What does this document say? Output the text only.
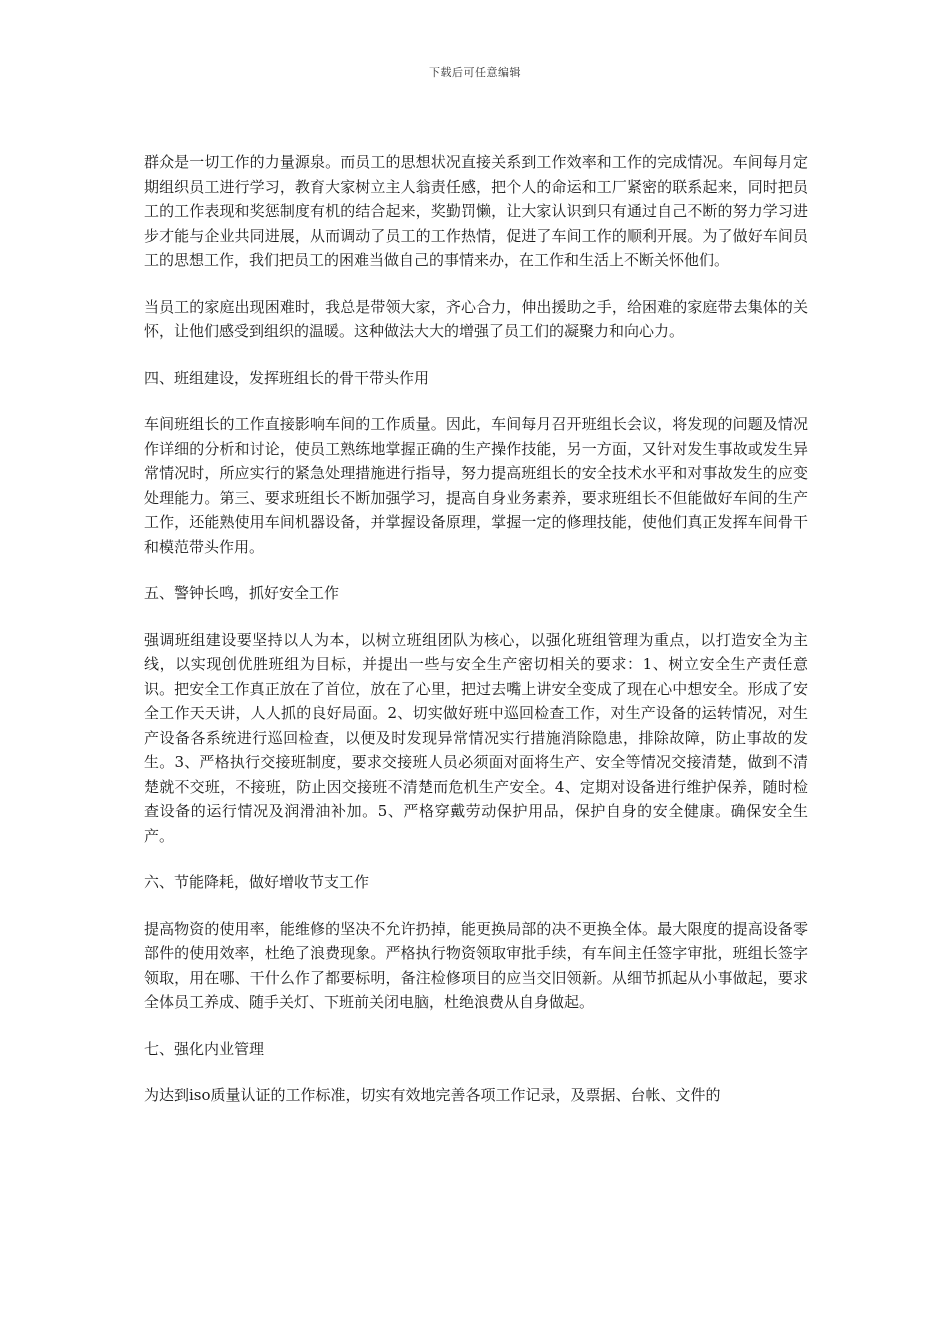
下载后可任意编辑

群众是一切工作的力量源泉。而员工的思想状况直接关系到工作效率和工作的完成情况。车间每月定期组织员工进行学习，教育大家树立主人翁责任感，把个人的命运和工厂紧密的联系起来，同时把员工的工作表现和奖惩制度有机的结合起来，奖勤罚懒，让大家认识到只有通过自己不断的努力学习进步才能与企业共同进展，从而调动了员工的工作热情，促进了车间工作的顺利开展。为了做好车间员工的思想工作，我们把员工的困难当做自己的事情来办，在工作和生活上不断关怀他们。

当员工的家庭出现困难时，我总是带领大家，齐心合力，伸出援助之手，给困难的家庭带去集体的关怀，让他们感受到组织的温暖。这种做法大大的增强了员工们的凝聚力和向心力。

四、班组建设，发挥班组长的骨干带头作用

车间班组长的工作直接影响车间的工作质量。因此，车间每月召开班组长会议，将发现的问题及情况作详细的分析和讨论，使员工熟练地掌握正确的生产操作技能，另一方面，又针对发生事故或发生异常情况时，所应实行的紧急处理措施进行指导，努力提高班组长的安全技术水平和对事故发生的应变处理能力。第三、要求班组长不断加强学习，提高自身业务素养，要求班组长不但能做好车间的生产工作，还能熟使用车间机器设备，并掌握设备原理，掌握一定的修理技能，使他们真正发挥车间骨干和模范带头作用。

五、警钟长鸣，抓好安全工作

强调班组建设要坚持以人为本，以树立班组团队为核心，以强化班组管理为重点，以打造安全为主线，以实现创优胜班组为目标，并提出一些与安全生产密切相关的要求：1、树立安全生产责任意识。把安全工作真正放在了首位，放在了心里，把过去嘴上讲安全变成了现在心中想安全。形成了安全工作天天讲，人人抓的良好局面。2、切实做好班中巡回检查工作，对生产设备的运转情况，对生产设备各系统进行巡回检查，以便及时发现异常情况实行措施消除隐患，排除故障，防止事故的发生。3、严格执行交接班制度，要求交接班人员必须面对面将生产、安全等情况交接清楚，做到不清楚就不交班，不接班，防止因交接班不清楚而危机生产安全。4、定期对设备进行维护保养，随时检查设备的运行情况及润滑油补加。5、严格穿戴劳动保护用品，保护自身的安全健康。确保安全生产。

六、节能降耗，做好增收节支工作

提高物资的使用率，能维修的坚决不允许扔掉，能更换局部的决不更换全体。最大限度的提高设备零部件的使用效率，杜绝了浪费现象。严格执行物资领取审批手续，有车间主任签字审批，班组长签字领取，用在哪、干什么作了都要标明，备注检修项目的应当交旧领新。从细节抓起从小事做起，要求全体员工养成、随手关灯、下班前关闭电脑，杜绝浪费从自身做起。

七、强化内业管理

为达到iso质量认证的工作标准，切实有效地完善各项工作记录，及票据、台帐、文件的
